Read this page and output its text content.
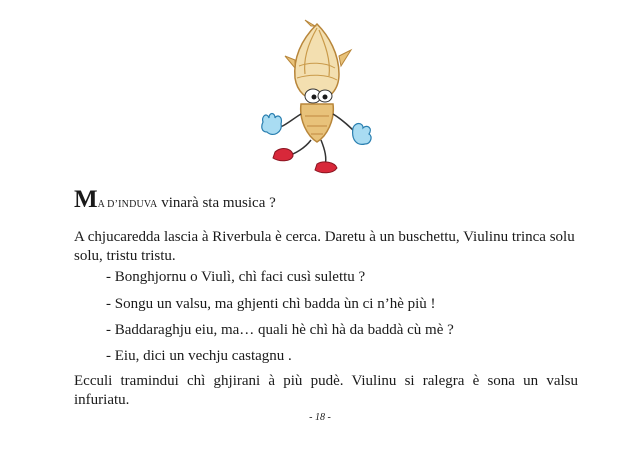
MA D’INDUVA vinarà sta musica ?
A chjucaredda lascia à Riverbula è cerca. Daretu à un buschettu, Viulinu trinca solu solu, tristu tristu.
- Bonghjornu o Viulì, chì faci cusì sulettu ?
- Songu un valsu, ma ghjenti chì badda ùn ci n’hè più !
- Baddaraghju eiu, ma… quali hè chì hà da baddà cù mè ?
- Eiu, dici un vechju castagnu .
Ecculi tramindui chì ghjirani à più pudè. Viulinu si ralegra è sona un valsu infuriatu.
- 18 -
